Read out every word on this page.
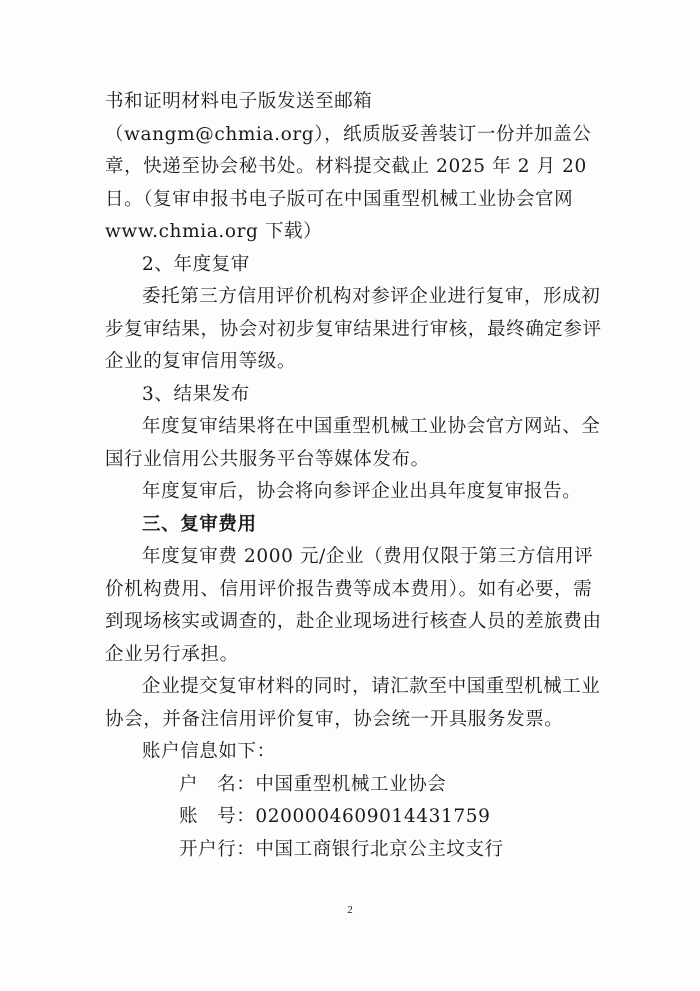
书和证明材料电子版发送至邮箱（wangm@chmia.org），纸质版妥善装订一份并加盖公章，快递至协会秘书处。材料提交截止 2025 年 2 月 20 日。（复审申报书电子版可在中国重型机械工业协会官网 www.chmia.org 下载）

2、年度复审

委托第三方信用评价机构对参评企业进行复审，形成初步复审结果，协会对初步复审结果进行审核，最终确定参评企业的复审信用等级。

3、结果发布

年度复审结果将在中国重型机械工业协会官方网站、全国行业信用公共服务平台等媒体发布。

年度复审后，协会将向参评企业出具年度复审报告。

三、复审费用

年度复审费 2000 元/企业（费用仅限于第三方信用评价机构费用、信用评价报告费等成本费用）。如有必要，需到现场核实或调查的，赴企业现场进行核查人员的差旅费由企业另行承担。

企业提交复审材料的同时，请汇款至中国重型机械工业协会，并备注信用评价复审，协会统一开具服务发票。

账户信息如下：

户　名：中国重型机械工业协会

账　号：0200004609014431759

开户行：中国工商银行北京公主坟支行

2
